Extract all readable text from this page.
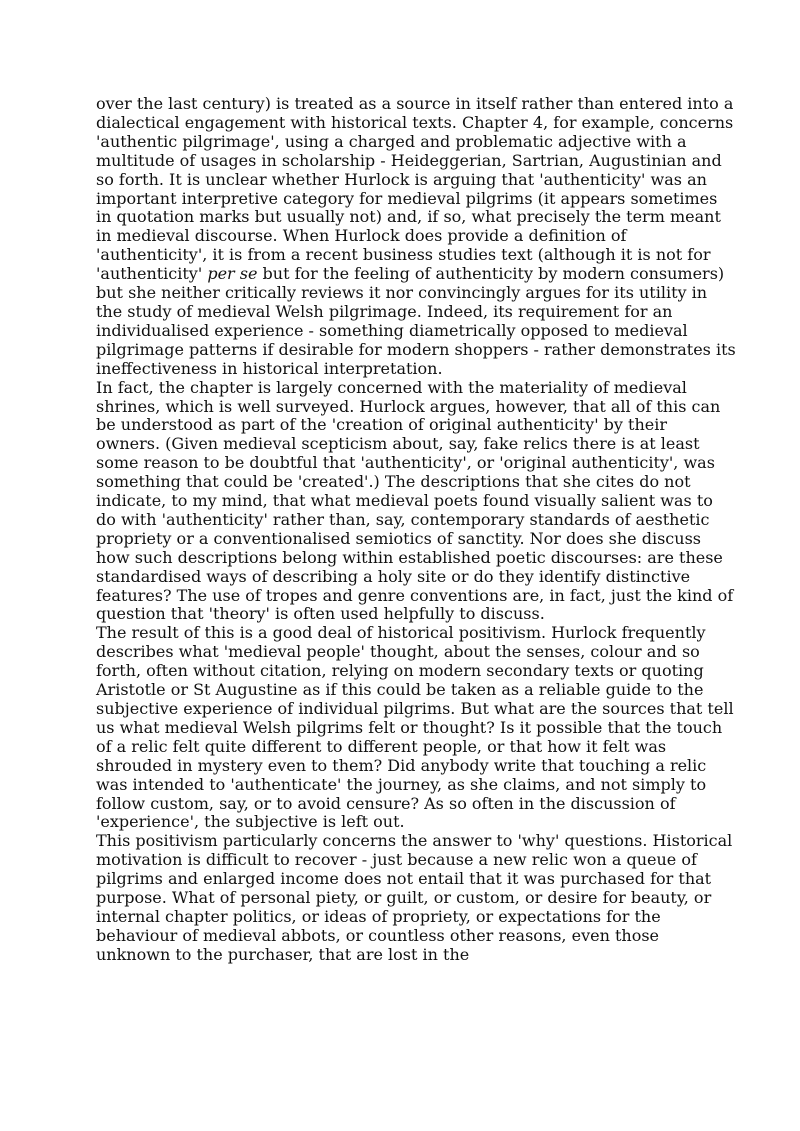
over the last century) is treated as a source in itself rather than entered into a dialectical engagement with historical texts. Chapter 4, for example, concerns 'authentic pilgrimage', using a charged and problematic adjective with a multitude of usages in scholarship - Heideggerian, Sartrian, Augustinian and so forth. It is unclear whether Hurlock is arguing that 'authenticity' was an important interpretive category for medieval pilgrims (it appears sometimes in quotation marks but usually not) and, if so, what precisely the term meant in medieval discourse. When Hurlock does provide a definition of 'authenticity', it is from a recent business studies text (although it is not for 'authenticity' per se but for the feeling of authenticity by modern consumers) but she neither critically reviews it nor convincingly argues for its utility in the study of medieval Welsh pilgrimage. Indeed, its requirement for an individualised experience - something diametrically opposed to medieval pilgrimage patterns if desirable for modern shoppers - rather demonstrates its ineffectiveness in historical interpretation.

In fact, the chapter is largely concerned with the materiality of medieval shrines, which is well surveyed. Hurlock argues, however, that all of this can be understood as part of the 'creation of original authenticity' by their owners. (Given medieval scepticism about, say, fake relics there is at least some reason to be doubtful that 'authenticity', or 'original authenticity', was something that could be 'created'.) The descriptions that she cites do not indicate, to my mind, that what medieval poets found visually salient was to do with 'authenticity' rather than, say, contemporary standards of aesthetic propriety or a conventionalised semiotics of sanctity. Nor does she discuss how such descriptions belong within established poetic discourses: are these standardised ways of describing a holy site or do they identify distinctive features? The use of tropes and genre conventions are, in fact, just the kind of question that 'theory' is often used helpfully to discuss.

The result of this is a good deal of historical positivism. Hurlock frequently describes what 'medieval people' thought, about the senses, colour and so forth, often without citation, relying on modern secondary texts or quoting Aristotle or St Augustine as if this could be taken as a reliable guide to the subjective experience of individual pilgrims. But what are the sources that tell us what medieval Welsh pilgrims felt or thought? Is it possible that the touch of a relic felt quite different to different people, or that how it felt was shrouded in mystery even to them? Did anybody write that touching a relic was intended to 'authenticate' the journey, as she claims, and not simply to follow custom, say, or to avoid censure? As so often in the discussion of 'experience', the subjective is left out.

This positivism particularly concerns the answer to 'why' questions. Historical motivation is difficult to recover - just because a new relic won a queue of pilgrims and enlarged income does not entail that it was purchased for that purpose. What of personal piety, or guilt, or custom, or desire for beauty, or internal chapter politics, or ideas of propriety, or expectations for the behaviour of medieval abbots, or countless other reasons, even those unknown to the purchaser, that are lost in the
